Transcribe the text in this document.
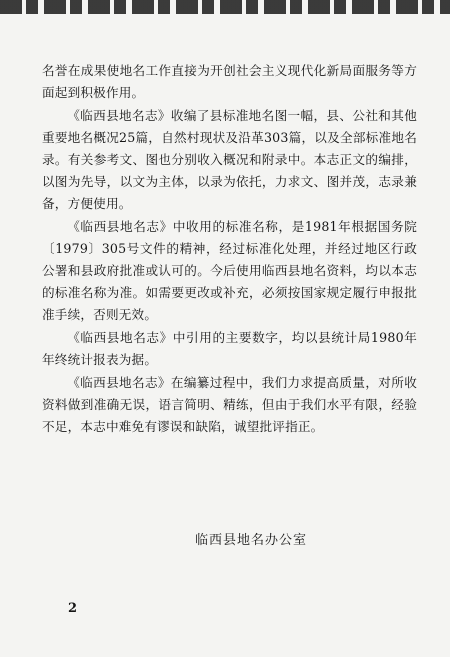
名誉在成果使地名工作直接为开创社会主义现代化新局面服务等方面起到积极作用。

《临西县地名志》收编了县标准地名图一幅，县、公社和其他重要地名概况25篇，自然村现状及沿革303篇，以及全部标准地名录。有关参考文、图也分别收入概况和附录中。本志正文的编排，以图为先导，以文为主体，以录为依托，力求文、图并茂，志录兼备，方便使用。

《临西县地名志》中收用的标准名称，是1981年根据国务院〔1979〕305号文件的精神，经过标准化处理，并经过地区行政公署和县政府批准或认可的。今后使用临西县地名资料，均以本志的标准名称为准。如需要更改或补充，必须按国家规定履行申报批准手续，否则无效。

《临西县地名志》中引用的主要数字，均以县统计局1980年年终统计报表为据。

《临西县地名志》在编纂过程中，我们力求提高质量，对所收资料做到准确无误，语言简明、精练，但由于我们水平有限，经验不足，本志中难免有谬误和缺陷，诚望批评指正。

临西县地名办公室
2
